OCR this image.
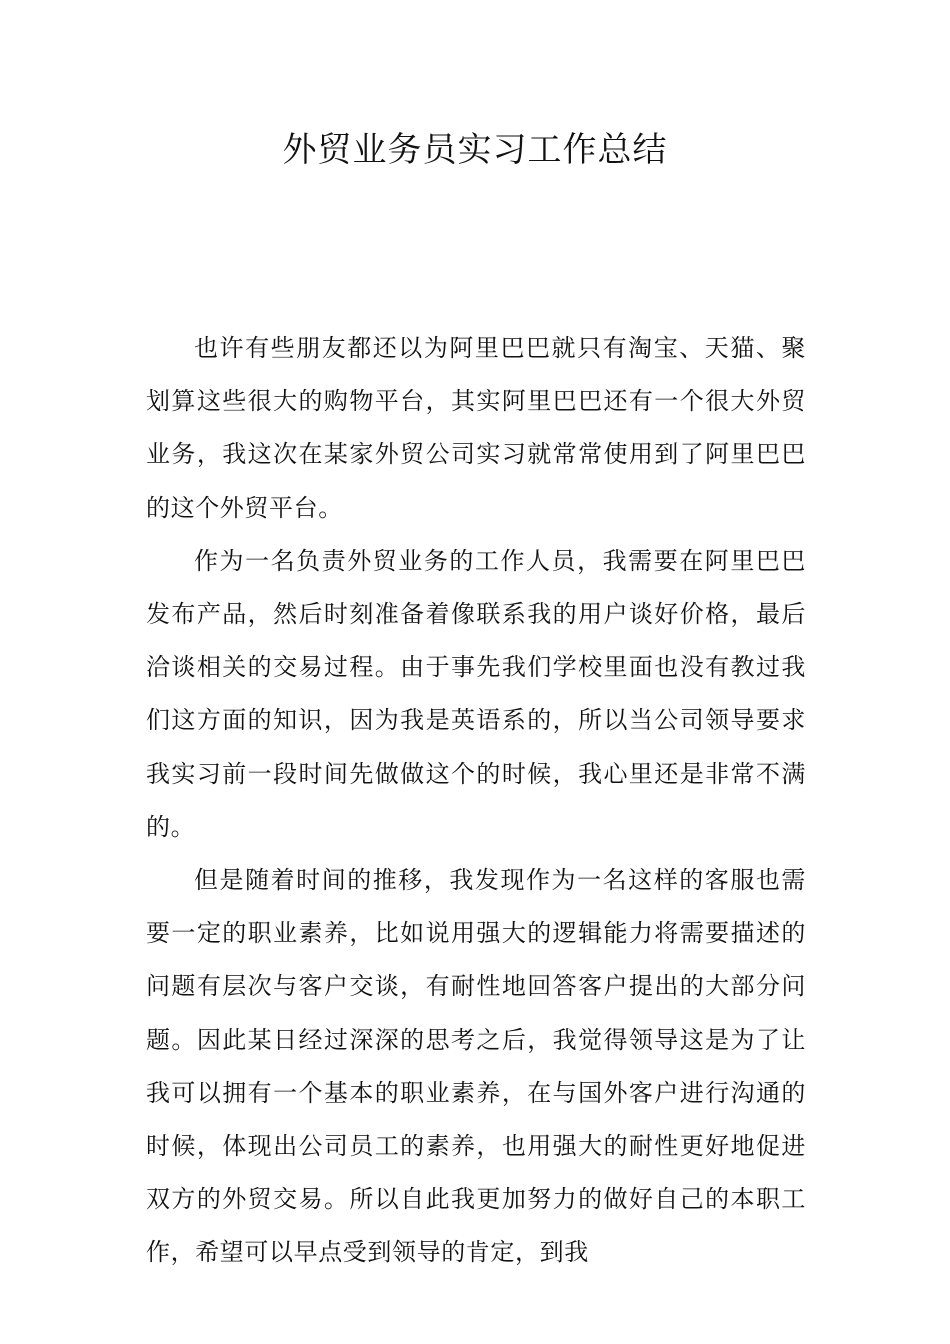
外贸业务员实习工作总结

也许有些朋友都还以为阿里巴巴就只有淘宝、天猫、聚划算这些很大的购物平台，其实阿里巴巴还有一个很大外贸业务，我这次在某家外贸公司实习就常常使用到了阿里巴巴的这个外贸平台。

作为一名负责外贸业务的工作人员，我需要在阿里巴巴发布产品，然后时刻准备着像联系我的用户谈好价格，最后洽谈相关的交易过程。由于事先我们学校里面也没有教过我们这方面的知识，因为我是英语系的，所以当公司领导要求我实习前一段时间先做做这个的时候，我心里还是非常不满的。

但是随着时间的推移，我发现作为一名这样的客服也需要一定的职业素养，比如说用强大的逻辑能力将需要描述的问题有层次与客户交谈，有耐性地回答客户提出的大部分问题。因此某日经过深深的思考之后，我觉得领导这是为了让我可以拥有一个基本的职业素养，在与国外客户进行沟通的时候，体现出公司员工的素养，也用强大的耐性更好地促进双方的外贸交易。所以自此我更加努力的做好自己的本职工作，希望可以早点受到领导的肯定，到我
